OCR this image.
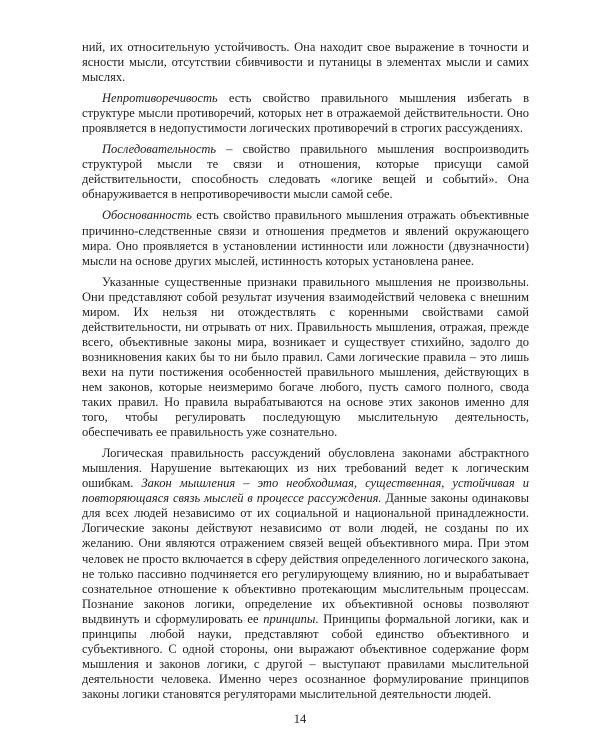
ний, их относительную устойчивость. Она находит свое выражение в точности и ясности мысли, отсутствии сбивчивости и путаницы в элементах мысли и самих мыслях.

Непротиворечивость есть свойство правильного мышления избегать в структуре мысли противоречий, которых нет в отражаемой действительности. Оно проявляется в недопустимости логических противоречий в строгих рассуждениях.

Последовательность – свойство правильного мышления воспроизводить структурой мысли те связи и отношения, которые присущи самой действительности, способность следовать «логике вещей и событий». Она обнаруживается в непротиворечивости мысли самой себе.

Обоснованность есть свойство правильного мышления отражать объективные причинно-следственные связи и отношения предметов и явлений окружающего мира. Оно проявляется в установлении истинности или ложности (двузначности) мысли на основе других мыслей, истинность которых установлена ранее.

Указанные существенные признаки правильного мышления не произвольны. Они представляют собой результат изучения взаимодействий человека с внешним миром. Их нельзя ни отождествлять с коренными свойствами самой действительности, ни отрывать от них. Правильность мышления, отражая, прежде всего, объективные законы мира, возникает и существует стихийно, задолго до возникновения каких бы то ни было правил. Сами логические правила – это лишь вехи на пути постижения особенностей правильного мышления, действующих в нем законов, которые неизмеримо богаче любого, пусть самого полного, свода таких правил. Но правила вырабатываются на основе этих законов именно для того, чтобы регулировать последующую мыслительную деятельность, обеспечивать ее правильность уже сознательно.

Логическая правильность рассуждений обусловлена законами абстрактного мышления. Нарушение вытекающих из них требований ведет к логическим ошибкам. Закон мышления – это необходимая, существенная, устойчивая и повторяющаяся связь мыслей в процессе рассуждения. Данные законы одинаковы для всех людей независимо от их социальной и национальной принадлежности. Логические законы действуют независимо от воли людей, не созданы по их желанию. Они являются отражением связей вещей объективного мира. При этом человек не просто включается в сферу действия определенного логического закона, не только пассивно подчиняется его регулирующему влиянию, но и вырабатывает сознательное отношение к объективно протекающим мыслительным процессам. Познание законов логики, определение их объективной основы позволяют выдвинуть и сформулировать ее принципы. Принципы формальной логики, как и принципы любой науки, представляют собой единство объективного и субъективного. С одной стороны, они выражают объективное содержание форм мышления и законов логики, с другой – выступают правилами мыслительной деятельности человека. Именно через осознанное формулирование принципов законы логики становятся регуляторами мыслительной деятельности людей.

14
